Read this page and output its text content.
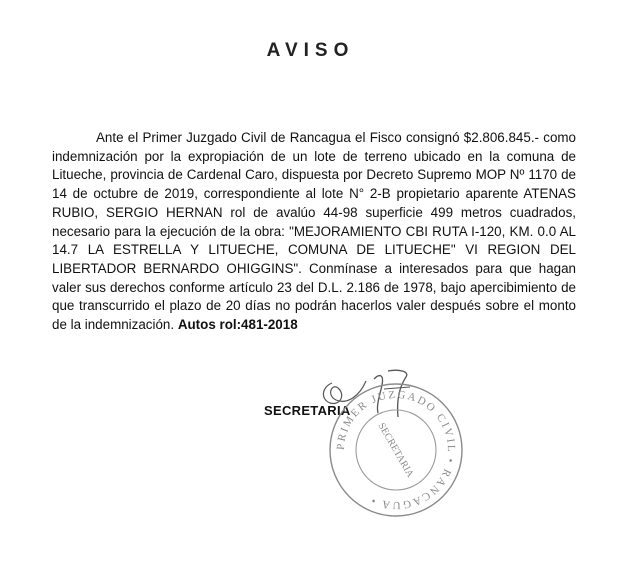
AVISO
Ante el Primer Juzgado Civil de Rancagua el Fisco consignó $2.806.845.- como indemnización por la expropiación de un lote de terreno ubicado en la comuna de Litueche, provincia de Cardenal Caro, dispuesta por Decreto Supremo MOP Nº 1170 de 14 de octubre de 2019, correspondiente al lote N° 2-B propietario aparente ATENAS RUBIO, SERGIO HERNAN rol de avalúo 44-98 superficie 499 metros cuadrados, necesario para la ejecución de la obra: "MEJORAMIENTO CBI RUTA I-120, KM. 0.0 AL 14.7 LA ESTRELLA Y LITUECHE, COMUNA DE LITUECHE" VI REGION DEL LIBERTADOR BERNARDO OHIGGINS". Conmínase a interesados para que hagan valer sus derechos conforme artículo 23 del D.L. 2.186 de 1978, bajo apercibimiento de que transcurrido el plazo de 20 días no podrán hacerlos valer después sobre el monto de la indemnización. Autos rol:481-2018
SECRETARIA
PRIMER JUZGADO CIVIL • RANCAGUA •
SECRETARIA
